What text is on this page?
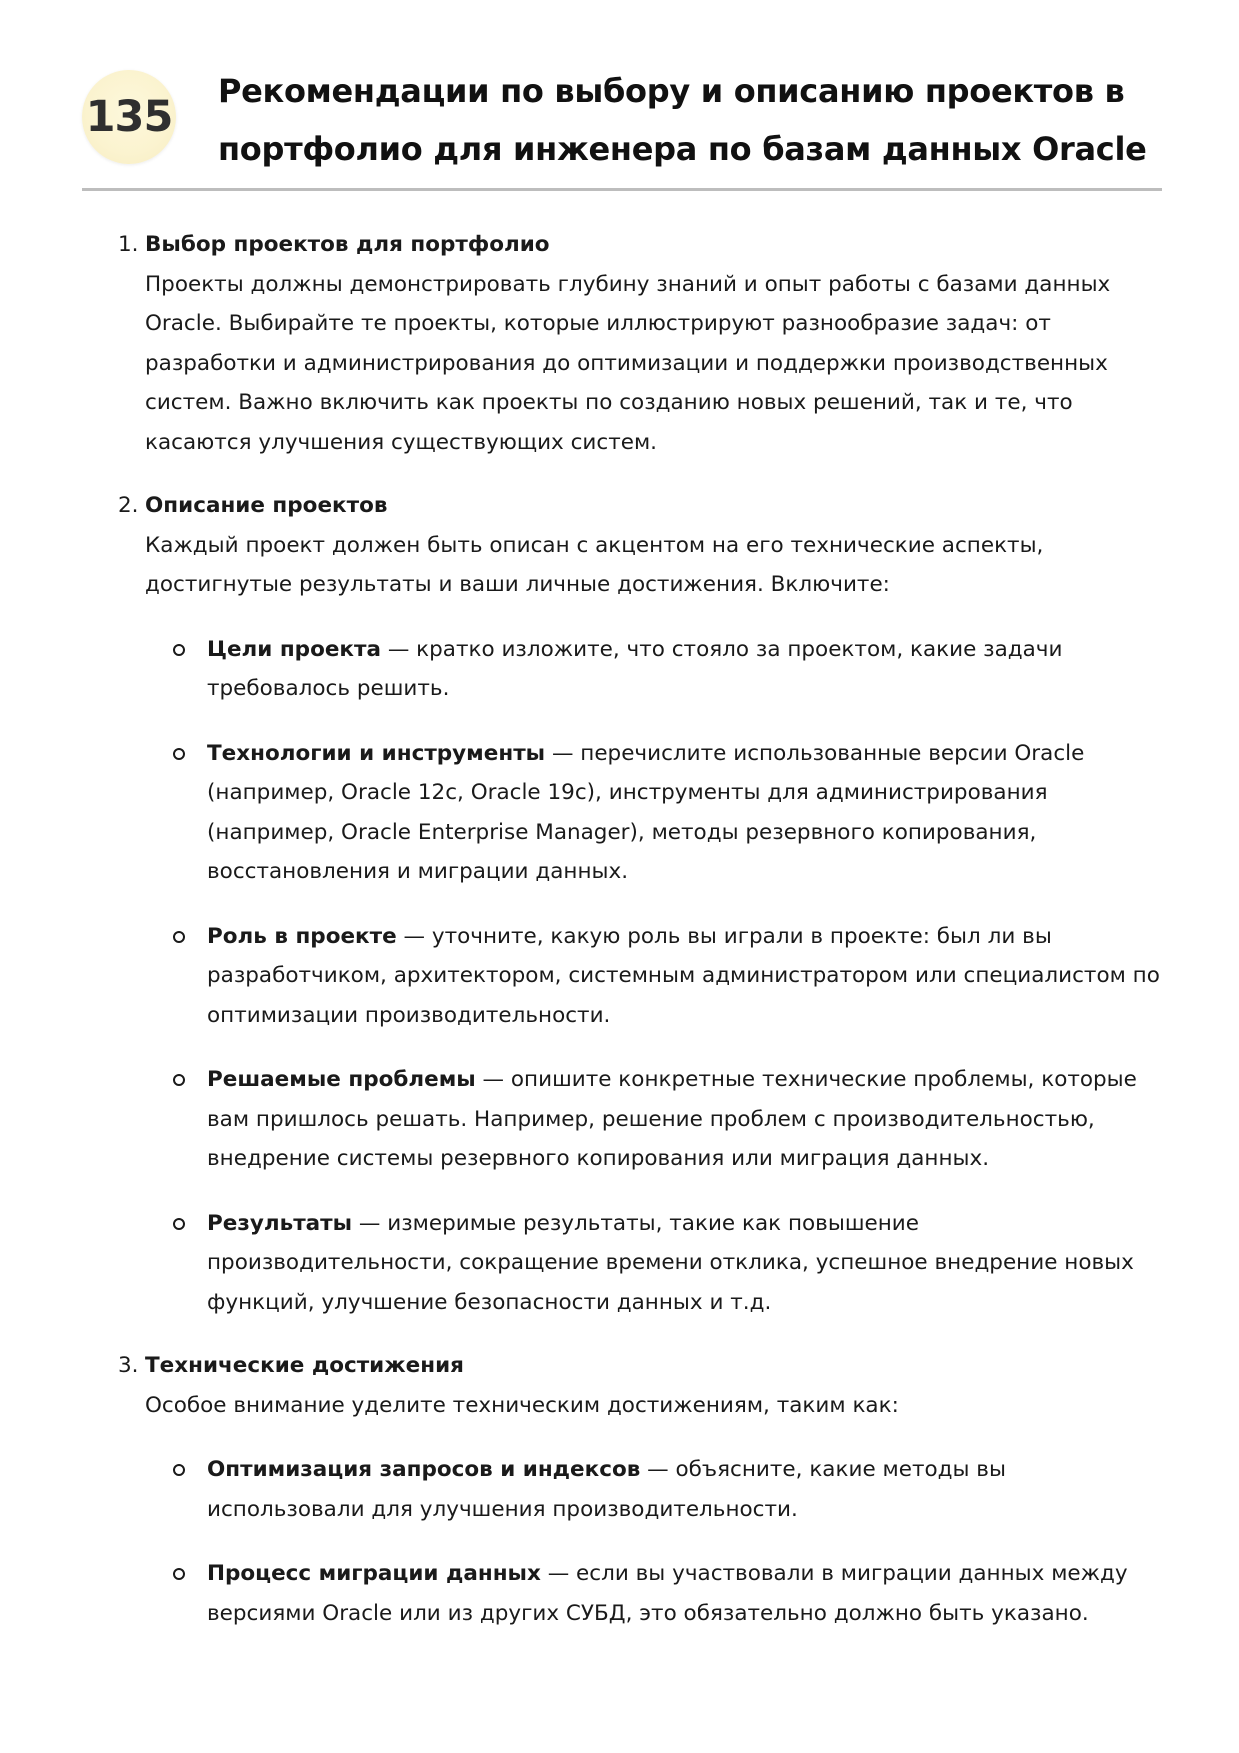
135
Рекомендации по выбору и описанию проектов в портфолио для инженера по базам данных Oracle
1. Выбор проектов для портфолио

Проекты должны демонстрировать глубину знаний и опыт работы с базами данных Oracle. Выбирайте те проекты, которые иллюстрируют разнообразие задач: от разработки и администрирования до оптимизации и поддержки производственных систем. Важно включить как проекты по созданию новых решений, так и те, что касаются улучшения существующих систем.

2. Описание проектов

Каждый проект должен быть описан с акцентом на его технические аспекты, достигнутые результаты и ваши личные достижения. Включите:

Цели проекта — кратко изложите, что стояло за проектом, какие задачи требовалось решить.
Технологии и инструменты — перечислите использованные версии Oracle (например, Oracle 12c, Oracle 19c), инструменты для администрирования (например, Oracle Enterprise Manager), методы резервного копирования, восстановления и миграции данных.
Роль в проекте — уточните, какую роль вы играли в проекте: был ли вы разработчиком, архитектором, системным администратором или специалистом по оптимизации производительности.
Решаемые проблемы — опишите конкретные технические проблемы, которые вам пришлось решать. Например, решение проблем с производительностью, внедрение системы резервного копирования или миграция данных.
Результаты — измеримые результаты, такие как повышение производительности, сокращение времени отклика, успешное внедрение новых функций, улучшение безопасности данных и т.д.
3. Технические достижения

Особое внимание уделите техническим достижениям, таким как:

Оптимизация запросов и индексов — объясните, какие методы вы использовали для улучшения производительности.
Процесс миграции данных — если вы участвовали в миграции данных между версиями Oracle или из других СУБД, это обязательно должно быть указано.
